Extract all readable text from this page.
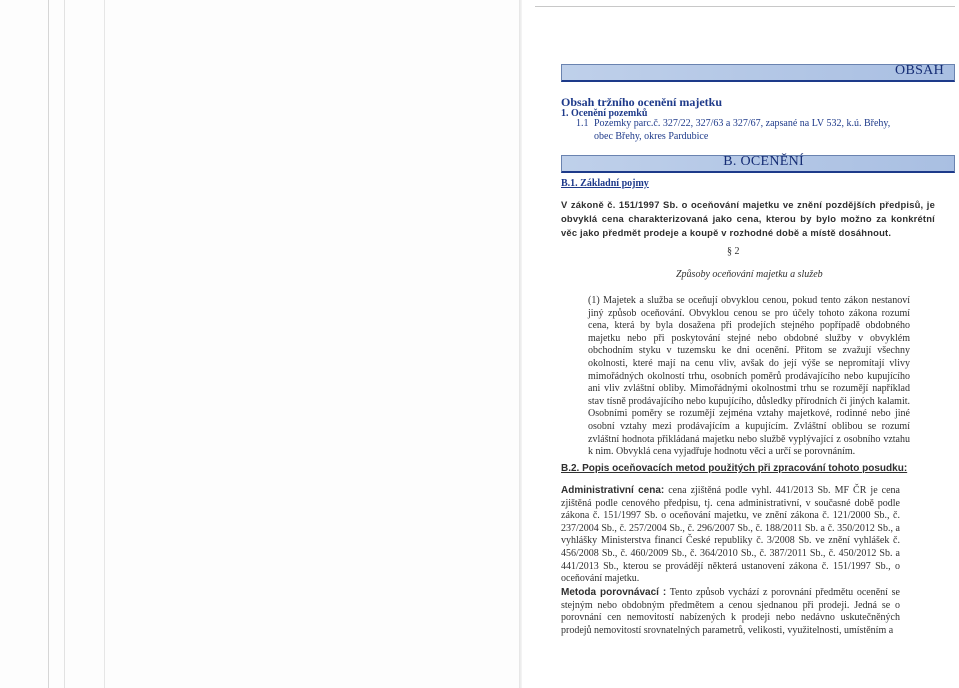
OBSAH
Obsah tržního ocenění majetku
1. Ocenění pozemků
1.1 Pozemky parc.č. 327/22, 327/63 a 327/67, zapsané na LV 532, k.ú. Břehy,
obec Břehy, okres Pardubice
B. OCENĚNÍ
B.1. Základní pojmy
V zákoně č. 151/1997 Sb. o oceňování majetku ve znění pozdějších předpisů, je obvyklá cena charakterizovaná jako cena, kterou by bylo možno za konkrétní věc jako předmět prodeje a koupě v rozhodné době a místě dosáhnout.
§ 2
Způsoby oceňování majetku a služeb
(1) Majetek a služba se oceňují obvyklou cenou, pokud tento zákon nestanoví jiný způsob oceňování. Obvyklou cenou se pro účely tohoto zákona rozumí cena, která by byla dosažena při prodejích stejného popřípadě obdobného majetku nebo při poskytování stejné nebo obdobné služby v obvyklém obchodním styku v tuzemsku ke dni ocenění. Přitom se zvažují všechny okolnosti, které mají na cenu vliv, avšak do její výše se nepromítají vlivy mimořádných okolností trhu, osobních poměrů prodávajícího nebo kupujícího ani vliv zvláštní obliby. Mimořádnými okolnostmi trhu se rozumějí například stav tísně prodávajícího nebo kupujícího, důsledky přírodních či jiných kalamit. Osobními poměry se rozumějí zejména vztahy majetkové, rodinné nebo jiné osobní vztahy mezi prodávajícím a kupujícím. Zvláštní oblibou se rozumí zvláštní hodnota přikládaná majetku nebo službě vyplývající z osobního vztahu k nim. Obvyklá cena vyjadřuje hodnotu věci a určí se porovnáním.
B.2. Popis oceňovacích metod použitých při zpracování tohoto posudku:
Administrativní cena: cena zjištěná podle vyhl. 441/2013 Sb. MF ČR je cena zjištěná podle cenového předpisu, tj. cena administrativní, v současné době podle zákona č. 151/1997 Sb. o oceňování majetku, ve znění zákona č. 121/2000 Sb., č. 237/2004 Sb., č. 257/2004 Sb., č. 296/2007 Sb., č. 188/2011 Sb. a č. 350/2012 Sb., a vyhlášky Ministerstva financí České republiky č. 3/2008 Sb. ve znění vyhlášek č. 456/2008 Sb., č. 460/2009 Sb., č. 364/2010 Sb., č. 387/2011 Sb., č. 450/2012 Sb. a 441/2013 Sb., kterou se provádějí některá ustanovení zákona č. 151/1997 Sb., o oceňování majetku.
Metoda porovnávací : Tento způsob vychází z porovnání předmětu ocenění se stejným nebo obdobným předmětem a cenou sjednanou při prodeji. Jedná se o porovnání cen nemovitostí nabízených k prodeji nebo nedávno uskutečněných prodejů nemovitostí srovnatelných parametrů, velikosti, využitelnosti, umístěním a
